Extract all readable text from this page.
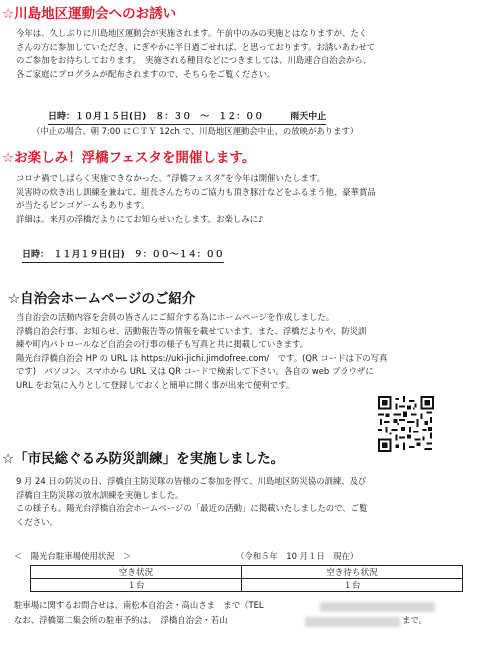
☆川島地区運動会へのお誘い
今年は、久しぶりに川島地区運動会が実施されます。午前中のみの実施とはなりますが、たく
さんの方に参加していただき、にぎやかに半日過ごせれば、と思っております。お誘いあわせて
のご参加をお待ちしております。　実施される種目などにつきましては、川島連合自治会から、
各ご家庭にプログラムが配布されますので、そちらをご覧ください。
日時：１０月１５日(日)　８：３０　～　１２：００　　　雨天中止
（中止の場合、朝 7:00 にＣＴＹ 12ch で、川島地区運動会中止、の放映があります）
☆お楽しみ！浮橋フェスタを開催します。
コロナ禍でしばらく実施できなかった、“浮橋フェスタ”を今年は開催いたします。
災害時の炊き出し訓練を兼ねて、組長さんたちのご協力も頂き豚汁などをふるまう他、豪華賞品
が当たるビンゴゲームもあります。
詳細は、来月の浮橋だよりにてお知らせいたします。お楽しみに♪
日時：　１１月１９日(日)　９：００～１４：００
☆自治会ホームページのご紹介
当自治会の活動内容を会員の皆さんにご紹介する為にホームページを作成しました。
浮橋自治会行事、お知らせ、活動報告等の情報を載せています。また、浮橋だよりや、防災訓
練や町内パトロールなど自治会の行事の様子も写真と共に掲載していきます。
陽光台浮橋自治会 HP の URL は https://uki-jichi.jimdofree.com/　です。(QR コードは下の写真
です)　パソコン、スマホから URL 又は QR コードで検索して下さい。各自の web ブラウザに
URL をお気に入りとして登録しておくと簡単に開く事が出来て便利です。
☆「市民総ぐるみ防災訓練」を実施しました。
9 月 24 日の防災の日、浮橋自主防災隊の皆様のご参加を得て、川島地区防災協の訓練、及び
浮橋自主防災隊の放水訓練を実施しました。
この様子も、陽光台浮橋自治会ホームページの「最近の活動」に掲載いたしましたので、ご覧
ください。
＜　陽光台駐車場使用状況　＞	（令和５年　10 月１日　現在）
空き状況	空き待ち状況
１台	１台
駐車場に関するお問合せは、南松本自治会・高山さま　まで（TEL
なお、浮橋第二集会所の駐車予約は、　浮橋自治会・若山	まで。
